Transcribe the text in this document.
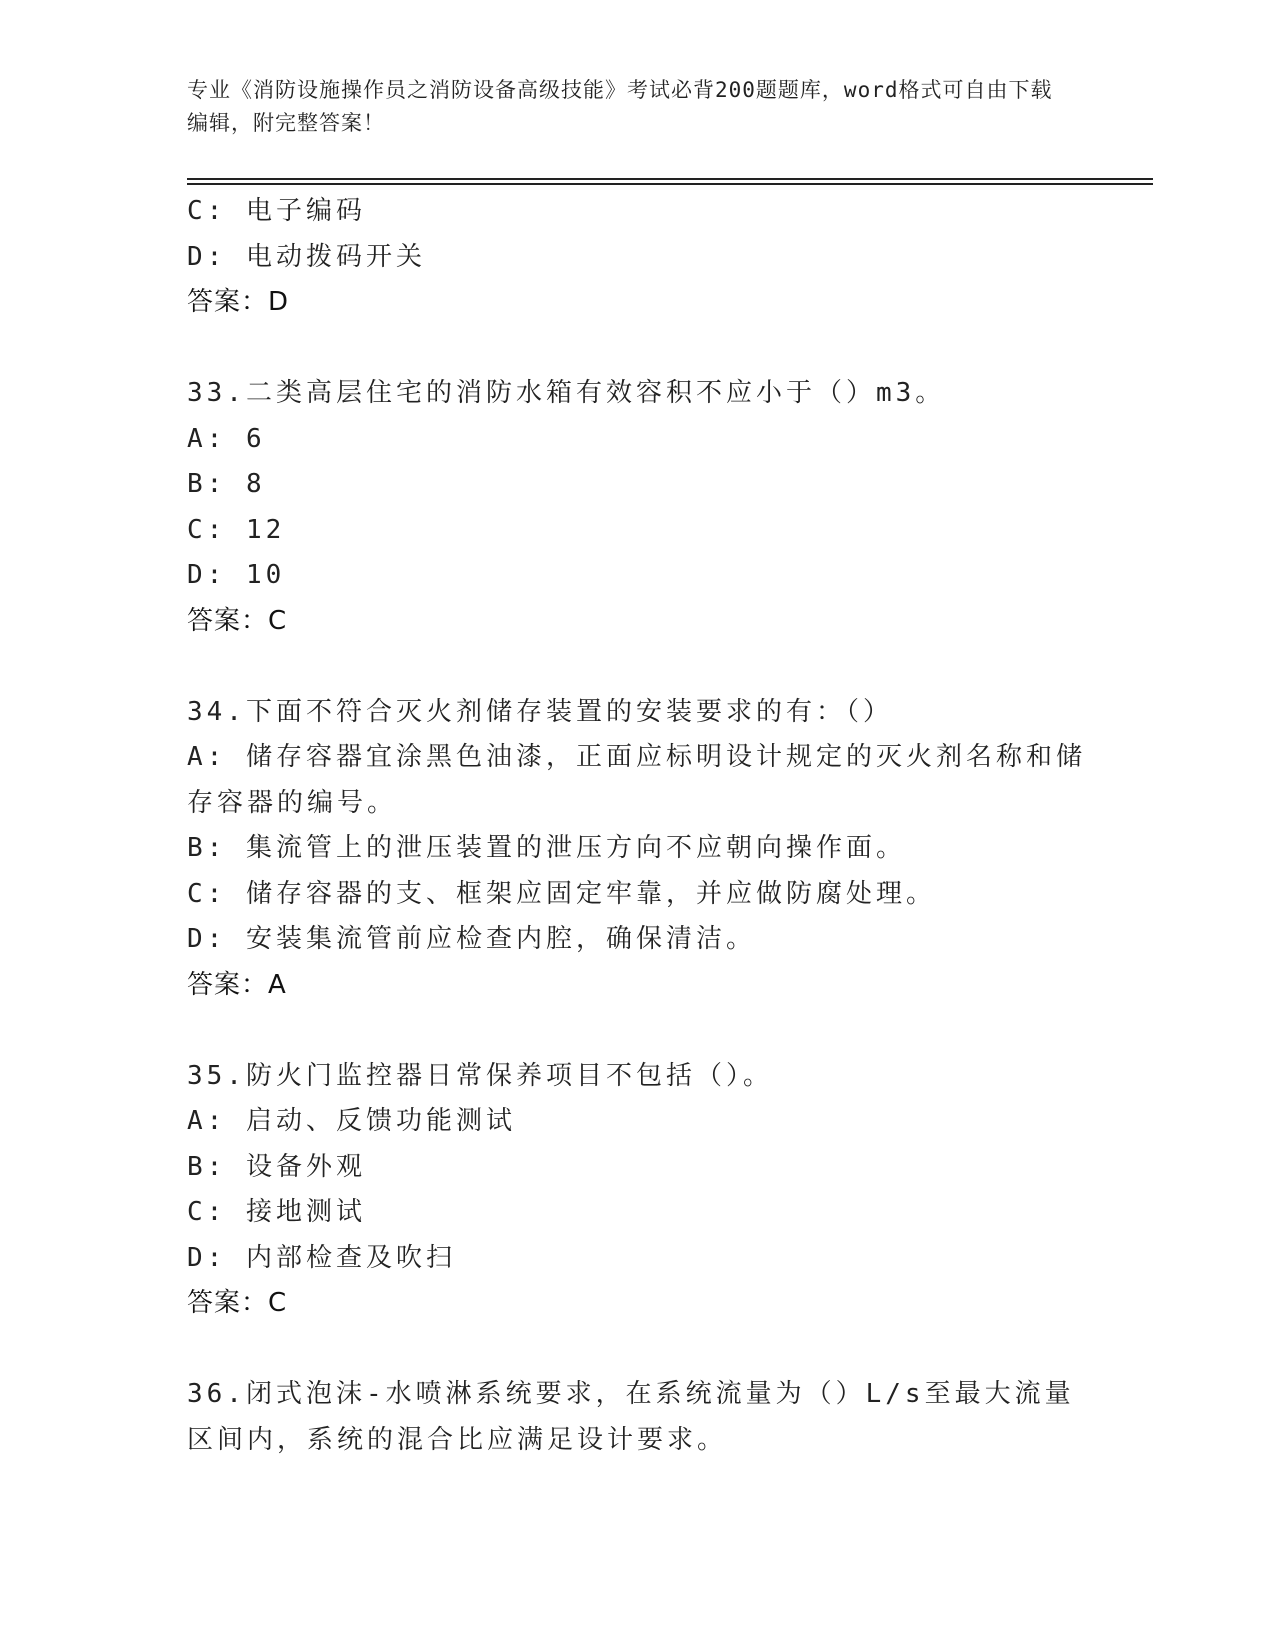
专业《消防设施操作员之消防设备高级技能》考试必背200题题库，word格式可自由下载编辑，附完整答案！
C: 电子编码
D: 电动拨码开关
答案：D
33.二类高层住宅的消防水箱有效容积不应小于（）m3。
A: 6
B: 8
C: 12
D: 10
答案：C
34.下面不符合灭火剂储存装置的安装要求的有：（）
A: 储存容器宜涂黑色油漆，正面应标明设计规定的灭火剂名称和储存容器的编号。
B: 集流管上的泄压装置的泄压方向不应朝向操作面。
C: 储存容器的支、框架应固定牢靠，并应做防腐处理。
D: 安装集流管前应检查内腔，确保清洁。
答案：A
35.防火门监控器日常保养项目不包括（）。
A: 启动、反馈功能测试
B: 设备外观
C: 接地测试
D: 内部检查及吹扫
答案：C
36.闭式泡沫-水喷淋系统要求，在系统流量为（）L/s至最大流量区间内，系统的混合比应满足设计要求。
